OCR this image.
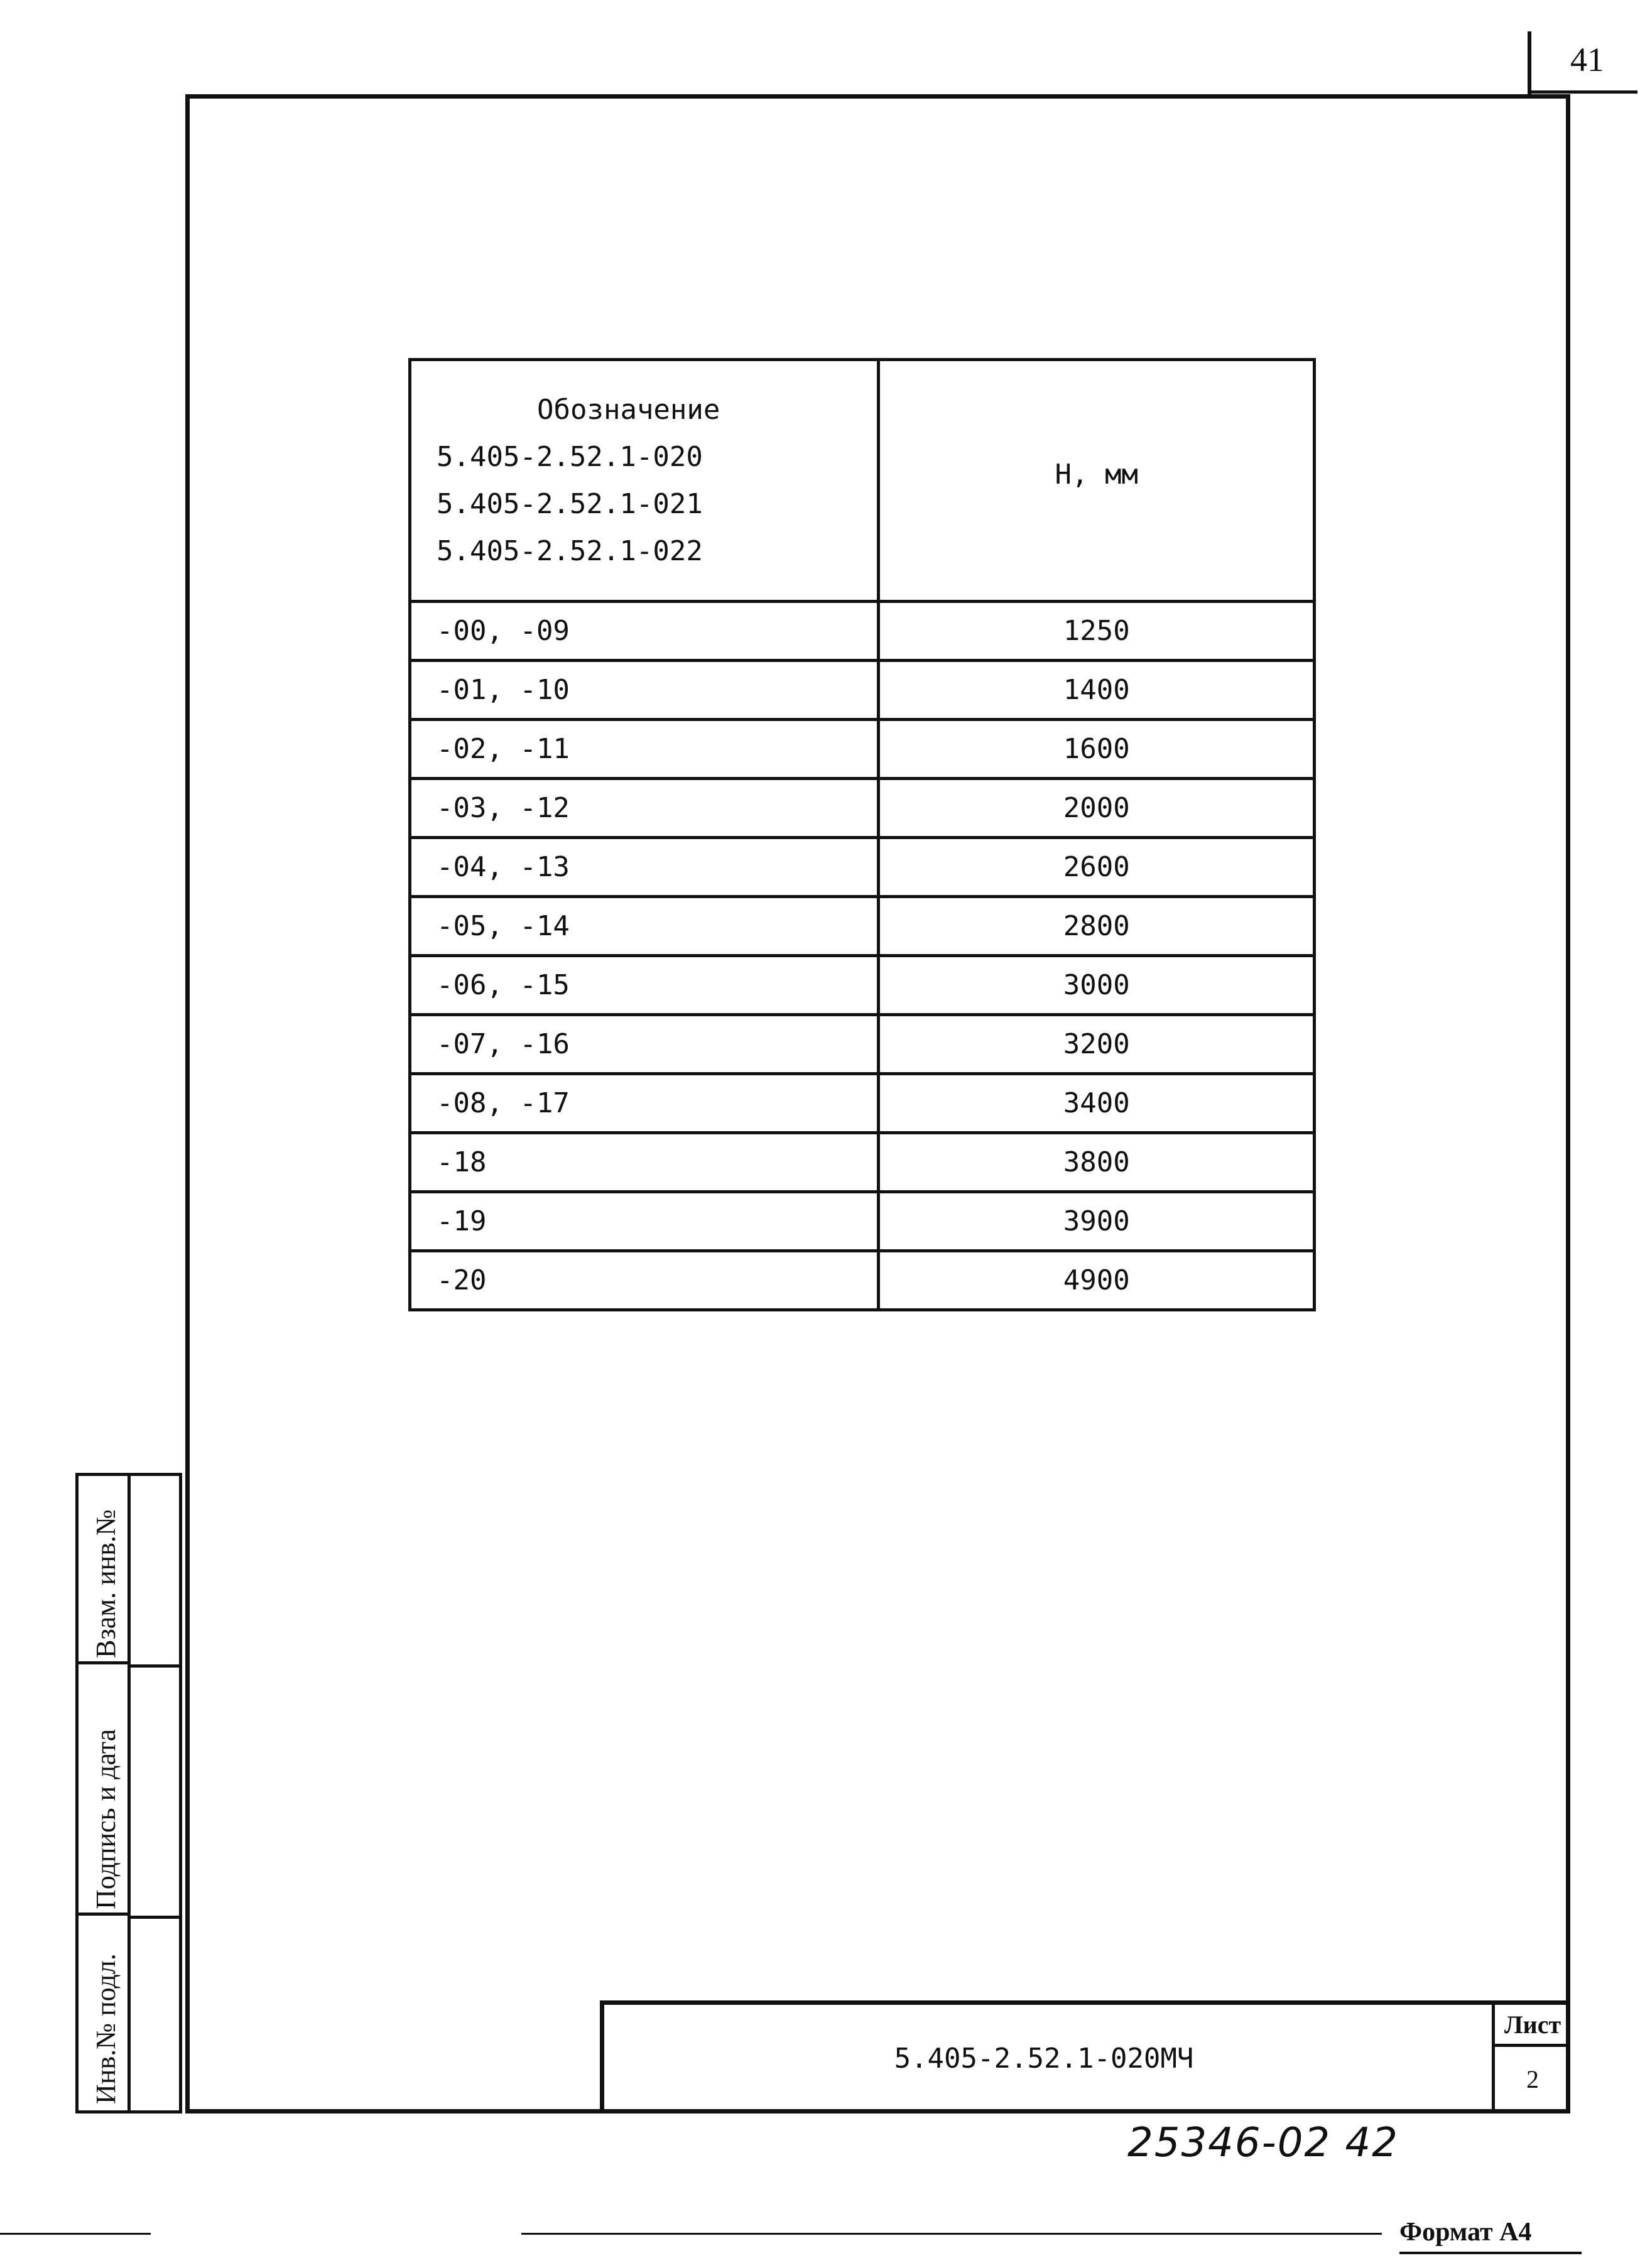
41
Обозначение
5.405-2.52.1-020
5.405-2.52.1-021
5.405-2.52.1-022	Н, мм
-00, -09	1250
-01, -10	1400
-02, -11	1600
-03, -12	2000
-04, -13	2600
-05, -14	2800
-06, -15	3000
-07, -16	3200
-08, -17	3400
-18	3800
-19	3900
-20	4900
Взам. инв.№
Подпись и дата
Инв.№ подл.	5.405-2.52.1-020МЧ
Лист
2
25346-02 42
Формат А4
